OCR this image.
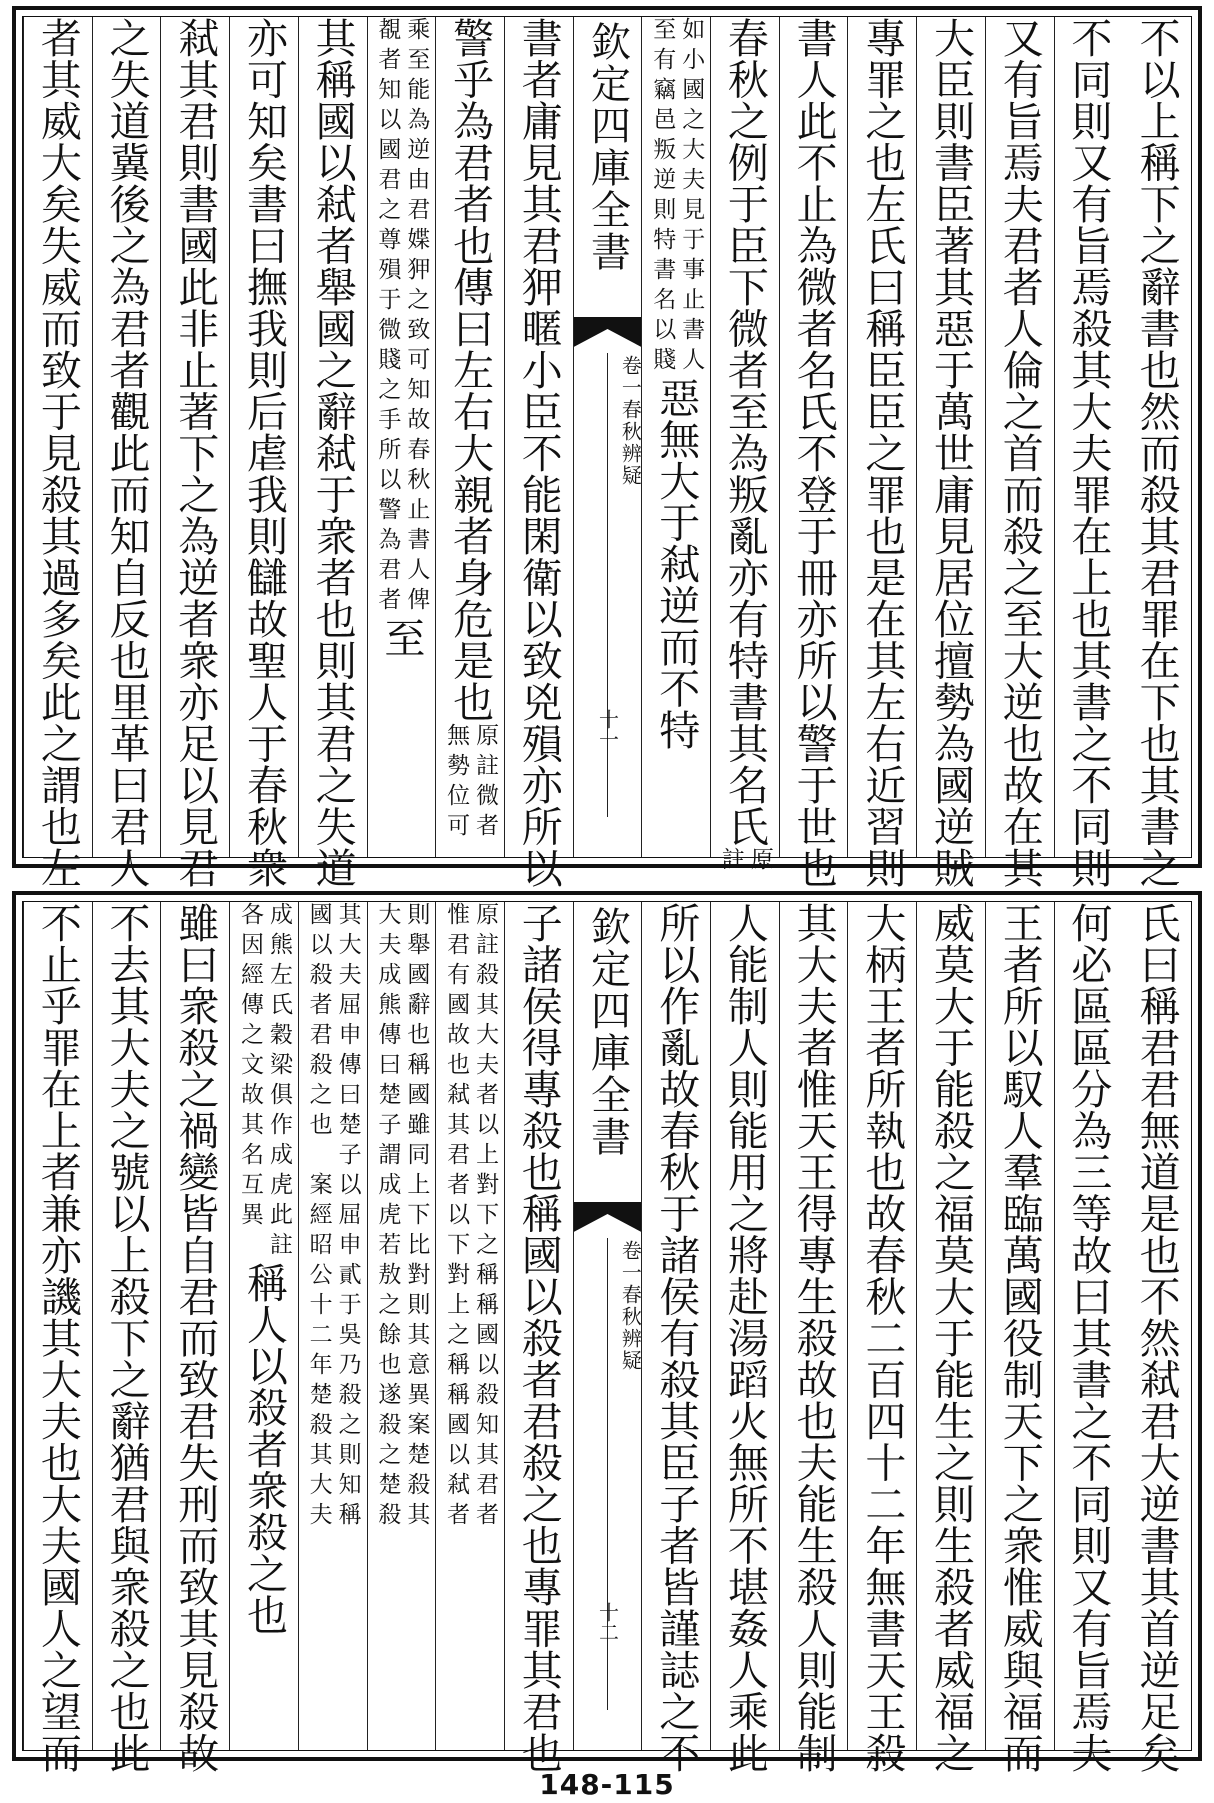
不以上稱下之辭書也然而殺其君罪在下也其書之
不同則又有旨焉殺其大夫罪在上也其書之不同則
又有旨焉夫君者人倫之首而殺之至大逆也故在其
大臣則書臣著其惡于萬世庸見居位擅勢為國逆賊
專罪之也左氏曰稱臣臣之罪也是在其左右近習則
書人此不止為微者名氏不登于冊亦所以警于世也
春秋之例于臣下微者至為叛亂亦有特書其名氏
原
註
如小國之大夫見于事止書人
至有竊邑叛逆則特書名以賤
惡無大于弒逆而不特
欽定四庫全書
卷一
春秋辨疑
十一
書者庸見其君狎暱小臣不能閑衛以致兇殞亦所以
警乎為君者也傳曰左右大親者身危是也
原註微者
無勢位可
乘至能為逆由君媟狎之致可知故春秋止書人俾
覩者知以國君之尊殞于微賤之手所以警為君者
至
其稱國以弒者舉國之辭弒于衆者也則其君之失道
亦可知矣書曰撫我則后虐我則讎故聖人于春秋衆
弒其君則書國此非止著下之為逆者衆亦足以見君
之失道冀後之為君者觀此而知自反也里革曰君人
者其威大矣失威而致于見殺其過多矣此之謂也左
氏曰稱君君無道是也不然弒君大逆書其首逆足矣
何必區區分為三等故曰其書之不同則又有旨焉夫
王者所以馭人羣臨萬國役制天下之衆惟威與福而
威莫大于能殺之福莫大于能生之則生殺者威福之
大柄王者所執也故春秋二百四十二年無書天王殺
其大夫者惟天王得專生殺故也夫能生殺人則能制
人能制人則能用之將赴湯蹈火無所不堪姦人乘此
所以作亂故春秋于諸侯有殺其臣子者皆謹誌之不
欽定四庫全書
卷一
春秋辨疑
十二
子諸侯得專殺也稱國以殺者君殺之也專罪其君也
原註殺其大夫者以上對下之稱稱國以殺知其君者
惟君有國故也弒其君者以下對上之稱稱國以弒者
則舉國辭也稱國雖同上下比對則其意異案楚殺其
大夫成熊傳曰楚子謂成虎若敖之餘也遂殺之楚殺
其大夫屈申傳曰楚子以屈申貳于吳乃殺之則知稱
國以殺者君殺之也　案經昭公十二年楚殺其大夫
成熊左氏穀梁俱作成虎此註
各因經傳之文故其名互異
稱人以殺者衆殺之也
雖曰衆殺之禍變皆自君而致君失刑而致其見殺故
不去其大夫之號以上殺下之辭猶君與衆殺之也此
不止乎罪在上者兼亦譏其大夫也大夫國人之望而
148-115
